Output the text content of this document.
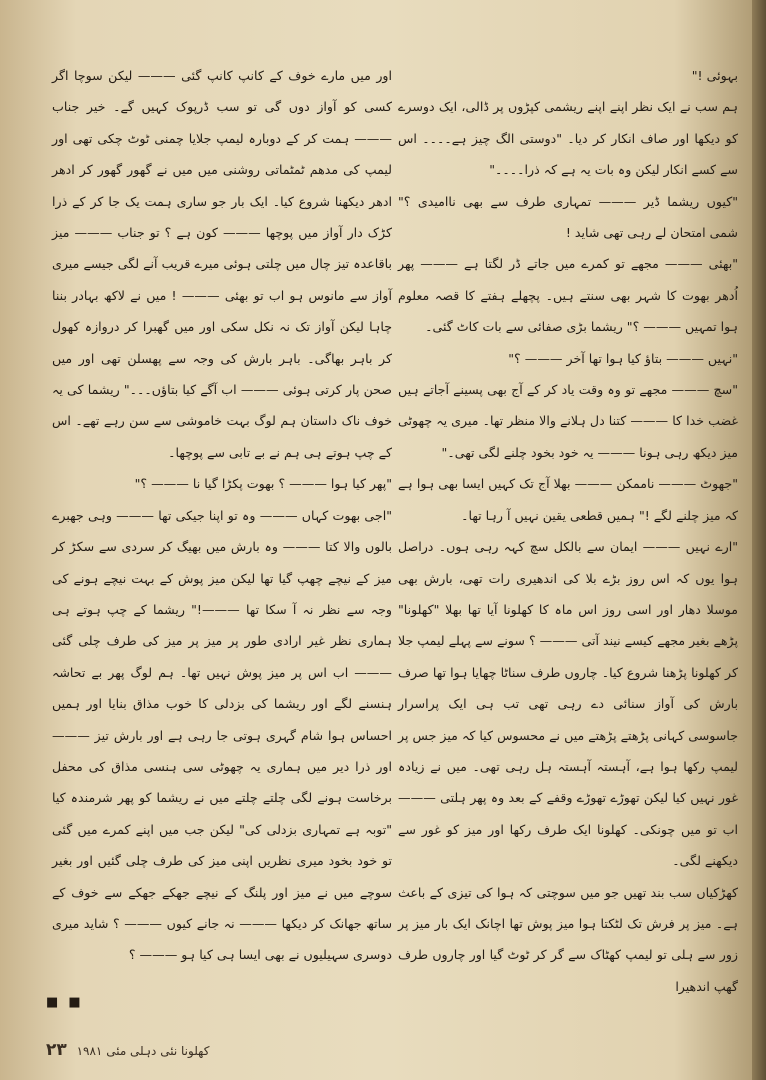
بہوئی !"

ہم سب نے ایک نظر اپنے اپنے ریشمی کپڑوں پر ڈالی، ایک دوسرے کو دیکھا اور صاف انکار کر دیا۔ "دوستی الگ چیز ہے۔۔۔۔ اس سے کسے انکار لیکن وہ بات یہ ہے کہ ذرا۔۔۔۔"

"کیوں ریشما ڈیر ——— تمہاری طرف سے بھی ناامیدی ؟" شمی امتحان لے رہی تھی شاید !

"بھئی ——— مجھے تو کمرے میں جاتے ڈر لگتا ہے ——— پھر اُدھر بھوت کا شہر بھی سنتے ہیں۔ پچھلے ہفتے کا قصہ معلوم ہوا تمہیں ——— ؟" ریشما بڑی صفائی سے بات کاٹ گئی۔

"نہیں ——— بتاؤ کیا ہوا تھا آخر ——— ؟"

"سچ ——— مجھے تو وہ وقت یاد کر کے آج بھی پسینے آجاتے ہیں غضب خدا کا ——— کتنا دل ہلانے والا منظر تھا۔ میری یہ چھوٹی میز دیکھ رہی ہونا ——— یہ خود بخود چلنے لگی تھی۔"

"جھوٹ ——— ناممکن ——— بھلا آج تک کہیں ایسا بھی ہوا ہے کہ میز چلنے لگے !" ہمیں قطعی یقین نہیں آ رہا تھا۔

"ارے نہیں ——— ایمان سے بالکل سچ کہہ رہی ہوں۔ دراصل ہوا یوں کہ اس روز بڑے بلا کی اندھیری رات تھی، بارش بھی موسلا دھار اور اسی روز اس ماہ کا کھلونا آیا تھا بھلا "کھلونا" پڑھے بغیر مجھے کیسے نیند آتی ——— ؟ سونے سے پہلے لیمپ جلا کر کھلونا پڑھنا شروع کیا۔ چاروں طرف سناٹا چھایا ہوا تھا صرف بارش کی آواز سنائی دے رہی تھی تب ہی ایک پراسرار جاسوسی کہانی پڑھتے پڑھتے میں نے محسوس کیا کہ میز جس پر لیمپ رکھا ہوا ہے، آہستہ آہستہ ہل رہی تھی۔ میں نے زیادہ غور نہیں کیا لیکن تھوڑے تھوڑے وقفے کے بعد وہ پھر ہلتی ——— اب تو میں چونکی۔ کھلونا ایک طرف رکھا اور میز کو غور سے دیکھنے لگی۔

کھڑکیاں سب بند تھیں جو میں سوچتی کہ ہوا کی تیزی کے باعث ہے۔ میز پر فرش تک لٹکتا ہوا میز پوش تھا اچانک ایک بار میز پر زور سے ہلی تو لیمپ کھٹاک سے گر کر ٹوٹ گیا اور چاروں طرف گھپ اندھیرا

اور میں مارے خوف کے کانپ کانپ گئی ——— لیکن سوچا اگر کسی کو آواز دوں گی تو سب ڈرپوک کہیں گے۔ خیر جناب ——— ہمت کر کے دوبارہ لیمپ جلایا چمنی ٹوٹ چکی تھی اور لیمپ کی مدھم ٹمٹماتی روشنی میں میں نے گھور گھور کر ادھر ادھر دیکھنا شروع کیا۔ ایک بار جو ساری ہمت یک جا کر کے ذرا کڑک دار آواز میں پوچھا ——— کون ہے ؟ تو جناب ——— میز باقاعدہ تیز چال میں چلتی ہوئی میرے قریب آنے لگی جیسے میری آواز سے مانوس ہو اب تو بھئی ——— ! میں نے لاکھ بہادر بننا چاہا لیکن آواز تک نہ نکل سکی اور میں گھبرا کر دروازہ کھول کر باہر بھاگی۔ باہر بارش کی وجہ سے پھسلن تھی اور میں صحن پار کرتی ہوئی ——— اب آگے کیا بتاؤں۔۔۔" ریشما کی یہ خوف ناک داستان ہم لوگ بہت خاموشی سے سن رہے تھے۔ اس کے چپ ہوتے ہی ہم نے بے تابی سے پوچھا۔

"پھر کیا ہوا ——— ؟ بھوت پکڑا گیا نا ——— ؟"

"اجی بھوت کہاں ——— وہ تو اپنا جیکی تھا ——— وہی جھبرے بالوں والا کتا ——— وہ بارش میں بھیگ کر سردی سے سکڑ کر میز کے نیچے چھپ گیا تھا لیکن میز پوش کے بہت نیچے ہونے کی وجہ سے نظر نہ آ سکا تھا ———!" ریشما کے چپ ہوتے ہی ہماری نظر غیر ارادی طور پر میز پر میز کی طرف چلی گئی ——— اب اس پر میز پوش نہیں تھا۔ ہم لوگ پھر بے تحاشہ ہنسنے لگے اور ریشما کی بزدلی کا خوب مذاق بنایا اور ہمیں احساس ہوا شام گہری ہوتی جا رہی ہے اور بارش تیز ——— اور ذرا دیر میں ہماری یہ چھوٹی سی ہنسی مذاق کی محفل برخاست ہونے لگی چلتے چلتے میں نے ریشما کو پھر شرمندہ کیا "توبہ ہے تمہاری بزدلی کی" لیکن جب میں اپنے کمرے میں گئی تو خود بخود میری نظریں اپنی میز کی طرف چلی گئیں اور بغیر سوچے میں نے میز اور پلنگ کے نیچے جھکے جھکے سے خوف کے ساتھ جھانک کر دیکھا ——— نہ جانے کیوں ——— ؟ شاید میری دوسری سہیلیوں نے بھی ایسا ہی کیا ہو ——— ؟

■ ■
۲۳ کھلونا نئی دہلی مئی ۱۹۸۱
